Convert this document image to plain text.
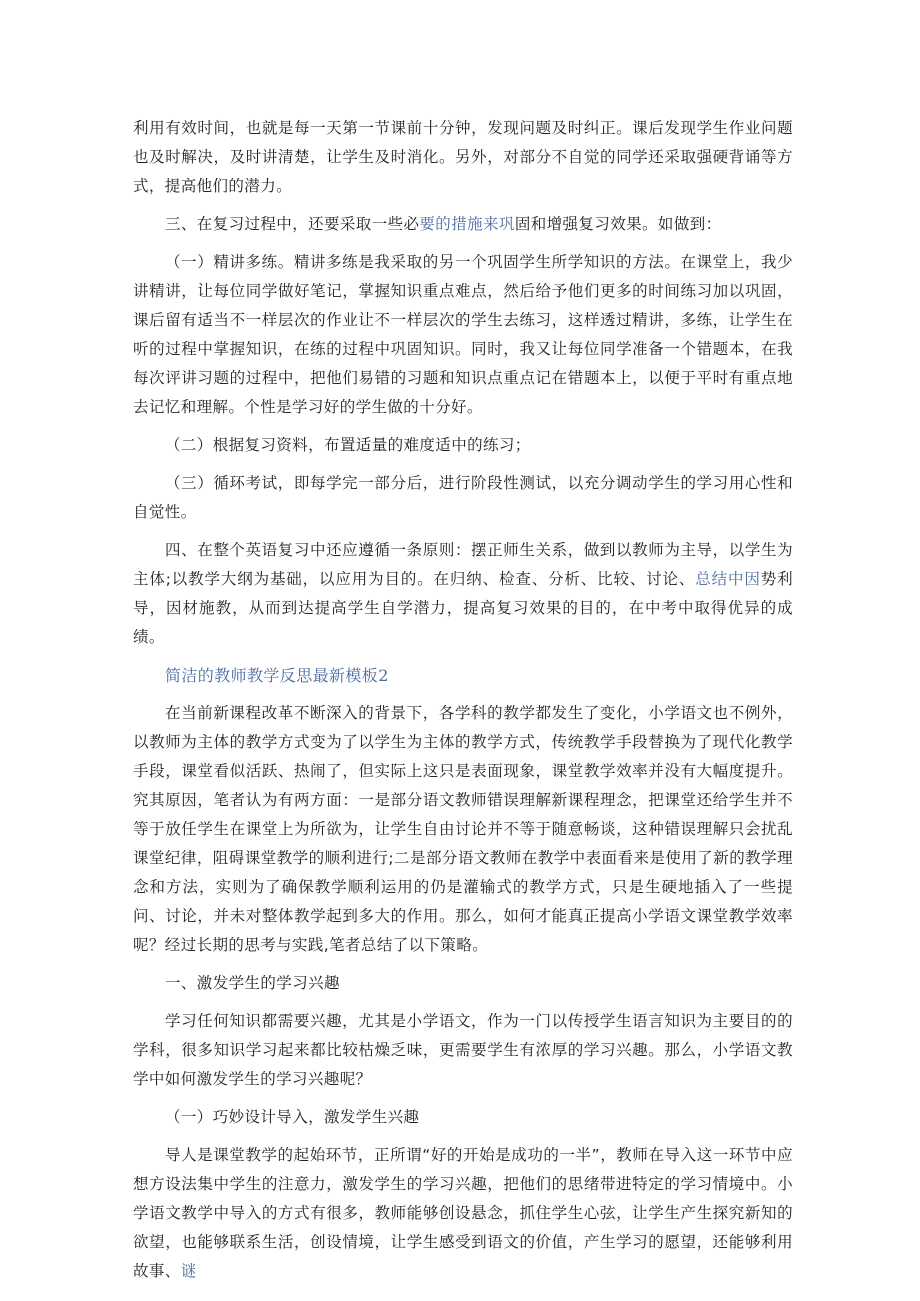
利用有效时间，也就是每一天第一节课前十分钟，发现问题及时纠正。课后发现学生作业问题也及时解决，及时讲清楚，让学生及时消化。另外，对部分不自觉的同学还采取强硬背诵等方式，提高他们的潜力。

三、在复习过程中，还要采取一些必要的措施来巩固和增强复习效果。如做到：

（一）精讲多练。精讲多练是我采取的另一个巩固学生所学知识的方法。在课堂上，我少讲精讲，让每位同学做好笔记，掌握知识重点难点，然后给予他们更多的时间练习加以巩固，课后留有适当不一样层次的作业让不一样层次的学生去练习，这样透过精讲，多练，让学生在听的过程中掌握知识，在练的过程中巩固知识。同时，我又让每位同学准备一个错题本，在我每次评讲习题的过程中，把他们易错的习题和知识点重点记在错题本上，以便于平时有重点地去记忆和理解。个性是学习好的学生做的十分好。

（二）根据复习资料，布置适量的难度适中的练习；

（三）循环考试，即每学完一部分后，进行阶段性测试，以充分调动学生的学习用心性和自觉性。

四、在整个英语复习中还应遵循一条原则：摆正师生关系，做到以教师为主导，以学生为主体;以教学大纲为基础，以应用为目的。在归纳、检查、分析、比较、讨论、总结中因势利导，因材施教，从而到达提高学生自学潜力，提高复习效果的目的，在中考中取得优异的成绩。

简洁的教师教学反思最新模板2

在当前新课程改革不断深入的背景下，各学科的教学都发生了变化，小学语文也不例外，以教师为主体的教学方式变为了以学生为主体的教学方式，传统教学手段替换为了现代化教学手段，课堂看似活跃、热闹了，但实际上这只是表面现象，课堂教学效率并没有大幅度提升。究其原因，笔者认为有两方面：一是部分语文教师错误理解新课程理念，把课堂还给学生并不等于放任学生在课堂上为所欲为，让学生自由讨论并不等于随意畅谈，这种错误理解只会扰乱课堂纪律，阻碍课堂教学的顺利进行;二是部分语文教师在教学中表面看来是使用了新的教学理念和方法，实则为了确保教学顺利运用的仍是灌输式的教学方式，只是生硬地插入了一些提问、讨论，并未对整体教学起到多大的作用。那么，如何才能真正提高小学语文课堂教学效率呢？经过长期的思考与实践,笔者总结了以下策略。

一、激发学生的学习兴趣

学习任何知识都需要兴趣，尤其是小学语文，作为一门以传授学生语言知识为主要目的的学科，很多知识学习起来都比较枯燥乏味，更需要学生有浓厚的学习兴趣。那么，小学语文教学中如何激发学生的学习兴趣呢？

（一）巧妙设计导入，激发学生兴趣

导人是课堂教学的起始环节，正所谓“好的开始是成功的一半”，教师在导入这一环节中应想方设法集中学生的注意力，激发学生的学习兴趣，把他们的思绪带进特定的学习情境中。小学语文教学中导入的方式有很多，教师能够创设悬念，抓住学生心弦，让学生产生探究新知的欲望，也能够联系生活，创设情境，让学生感受到语文的价值，产生学习的愿望，还能够利用故事、谜
